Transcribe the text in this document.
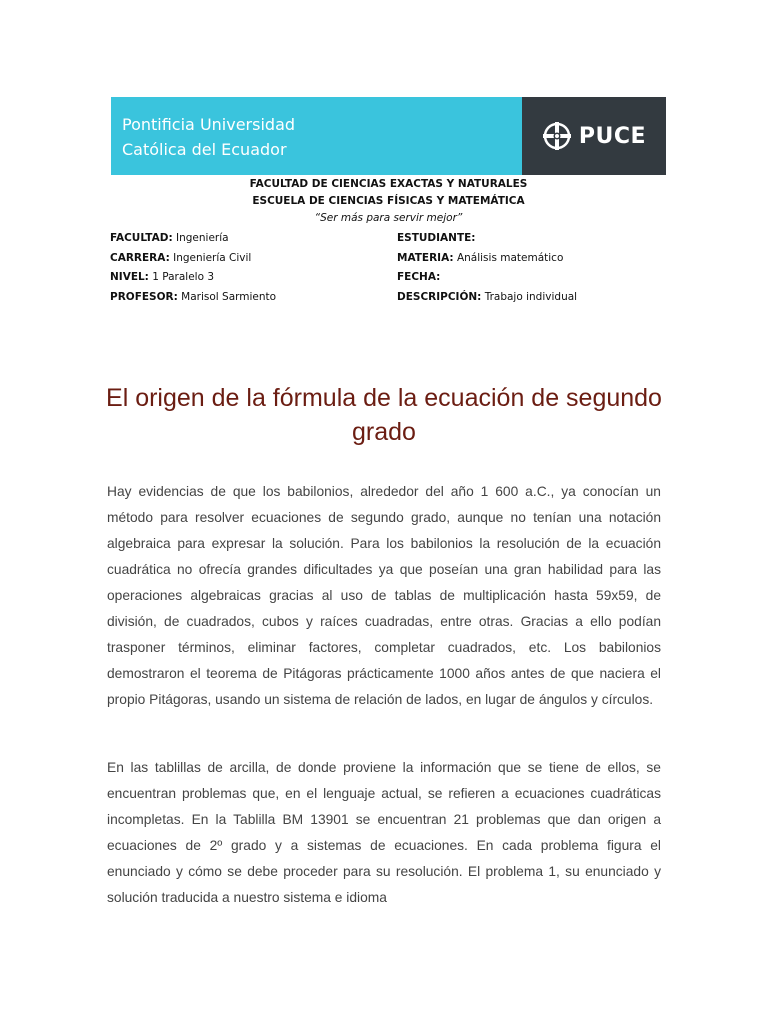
Pontificia Universidad
Católica del Ecuador
PUCE
FACULTAD DE CIENCIAS EXACTAS Y NATURALES
ESCUELA DE CIENCIAS FÍSICAS Y MATEMÁTICA
“Ser más para servir mejor”
FACULTAD: Ingeniería
CARRERA: Ingeniería Civil
NIVEL: 1 Paralelo 3
PROFESOR: Marisol Sarmiento
ESTUDIANTE:
MATERIA: Análisis matemático
FECHA:
DESCRIPCIÓN: Trabajo individual
El origen de la fórmula de la ecuación de segundo grado

Hay evidencias de que los babilonios, alrededor del año 1 600 a.C., ya conocían un método para resolver ecuaciones de segundo grado, aunque no tenían una notación algebraica para expresar la solución. Para los babilonios la resolución de la ecuación cuadrática no ofrecía grandes dificultades ya que poseían una gran habilidad para las operaciones algebraicas gracias al uso de tablas de multiplicación hasta 59x59, de división, de cuadrados, cubos y raíces cuadradas, entre otras. Gracias a ello podían trasponer términos, eliminar factores, completar cuadrados, etc. Los babilonios demostraron el teorema de Pitágoras prácticamente 1000 años antes de que naciera el propio Pitágoras, usando un sistema de relación de lados, en lugar de ángulos y círculos.

En las tablillas de arcilla, de donde proviene la información que se tiene de ellos, se encuentran problemas que, en el lenguaje actual, se refieren a ecuaciones cuadráticas incompletas. En la Tablilla BM 13901 se encuentran 21 problemas que dan origen a ecuaciones de 2º grado y a sistemas de ecuaciones. En cada problema figura el enunciado y cómo se debe proceder para su resolución. El problema 1, su enunciado y solución traducida a nuestro sistema e idioma
